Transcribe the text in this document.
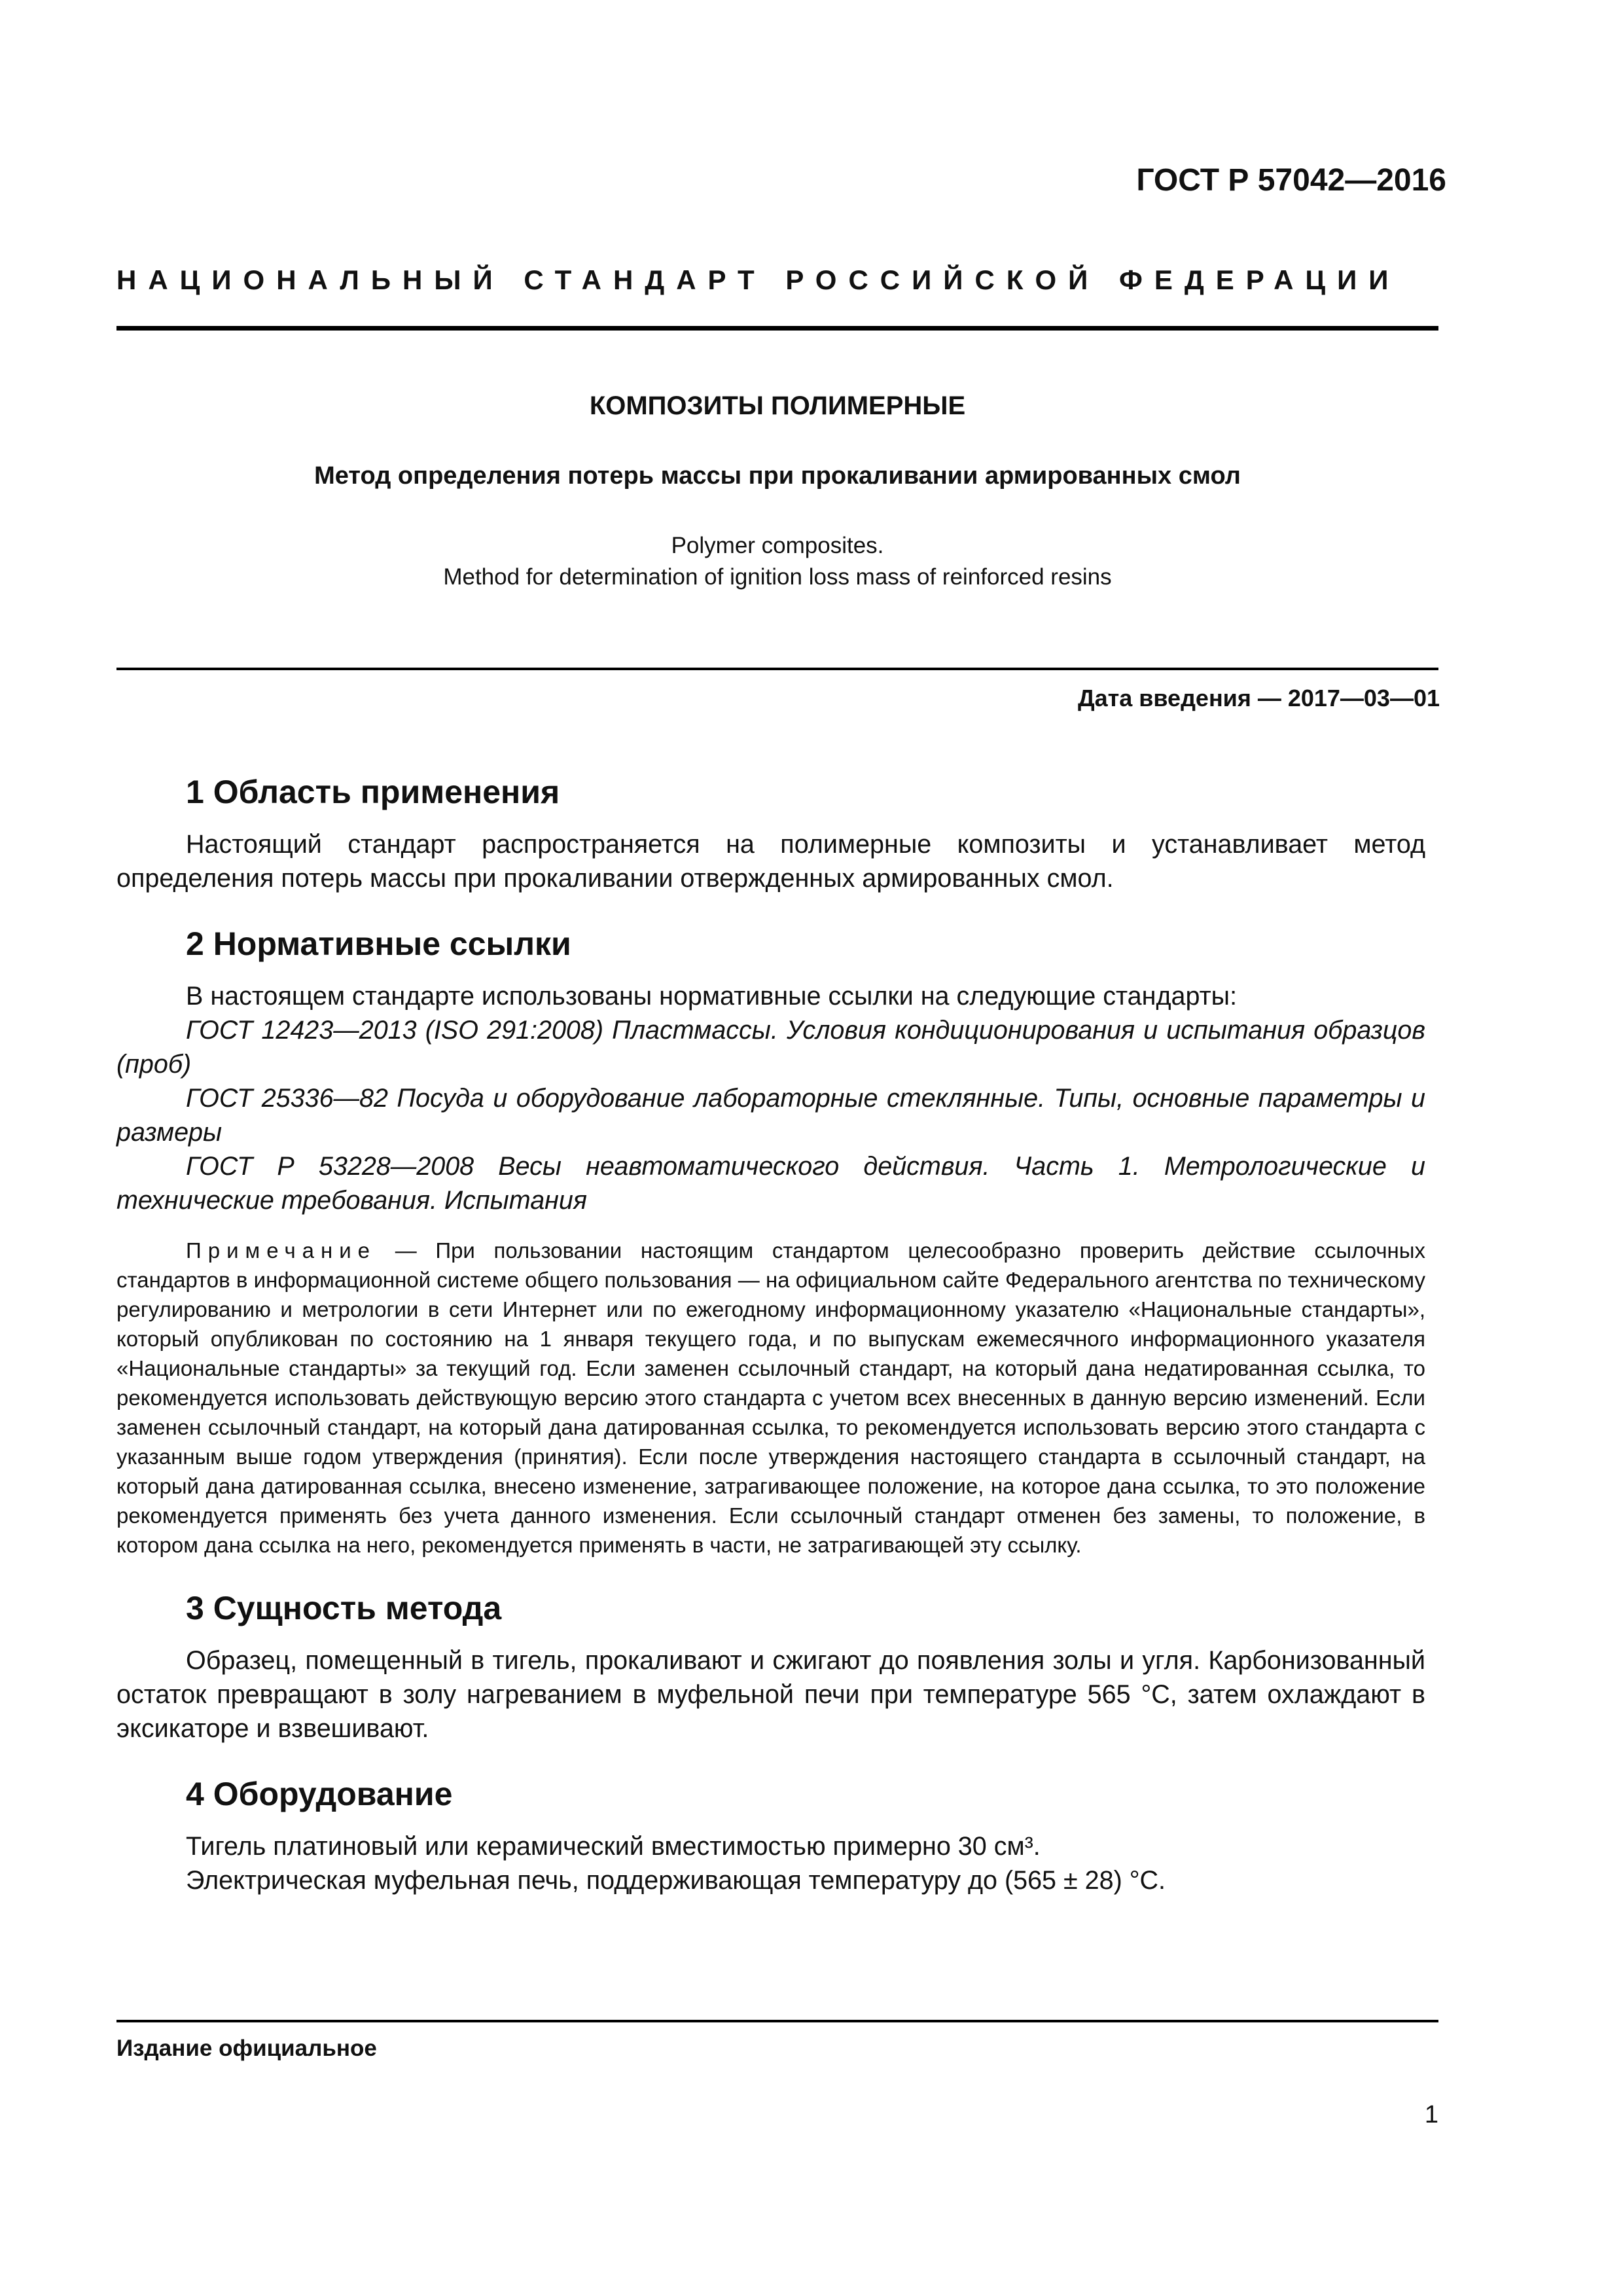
ГОСТ Р 57042—2016
НАЦИОНАЛЬНЫЙ СТАНДАРТ РОССИЙСКОЙ ФЕДЕРАЦИИ
КОМПОЗИТЫ ПОЛИМЕРНЫЕ
Метод определения потерь массы при прокаливании армированных смол
Polymer composites.
Method for determination of ignition loss mass of reinforced resins
Дата введения — 2017—03—01
1 Область применения

Настоящий стандарт распространяется на полимерные композиты и устанавливает метод определения потерь массы при прокаливании отвержденных армированных смол.

2 Нормативные ссылки

В настоящем стандарте использованы нормативные ссылки на следующие стандарты:

ГОСТ 12423—2013 (ISO 291:2008) Пластмассы. Условия кондиционирования и испытания образцов (проб)

ГОСТ 25336—82 Посуда и оборудование лабораторные стеклянные. Типы, основные параметры и размеры

ГОСТ Р 53228—2008 Весы неавтоматического действия. Часть 1. Метрологические и технические требования. Испытания

Примечание — При пользовании настоящим стандартом целесообразно проверить действие ссылочных стандартов в информационной системе общего пользования — на официальном сайте Федерального агентства по техническому регулированию и метрологии в сети Интернет или по ежегодному информационному указателю «Национальные стандарты», который опубликован по состоянию на 1 января текущего года, и по выпускам ежемесячного информационного указателя «Национальные стандарты» за текущий год. Если заменен ссылочный стандарт, на который дана недатированная ссылка, то рекомендуется использовать действующую версию этого стандарта с учетом всех внесенных в данную версию изменений. Если заменен ссылочный стандарт, на который дана датированная ссылка, то рекомендуется использовать версию этого стандарта с указанным выше годом утверждения (принятия). Если после утверждения настоящего стандарта в ссылочный стандарт, на который дана датированная ссылка, внесено изменение, затрагивающее положение, на которое дана ссылка, то это положение рекомендуется применять без учета данного изменения. Если ссылочный стандарт отменен без замены, то положение, в котором дана ссылка на него, рекомендуется применять в части, не затрагивающей эту ссылку.

3 Сущность метода

Образец, помещенный в тигель, прокаливают и сжигают до появления золы и угля. Карбонизованный остаток превращают в золу нагреванием в муфельной печи при температуре 565 °С, затем охлаждают в эксикаторе и взвешивают.

4 Оборудование

Тигель платиновый или керамический вместимостью примерно 30 см³.

Электрическая муфельная печь, поддерживающая температуру до (565 ± 28) °С.

Издание официальное
1
